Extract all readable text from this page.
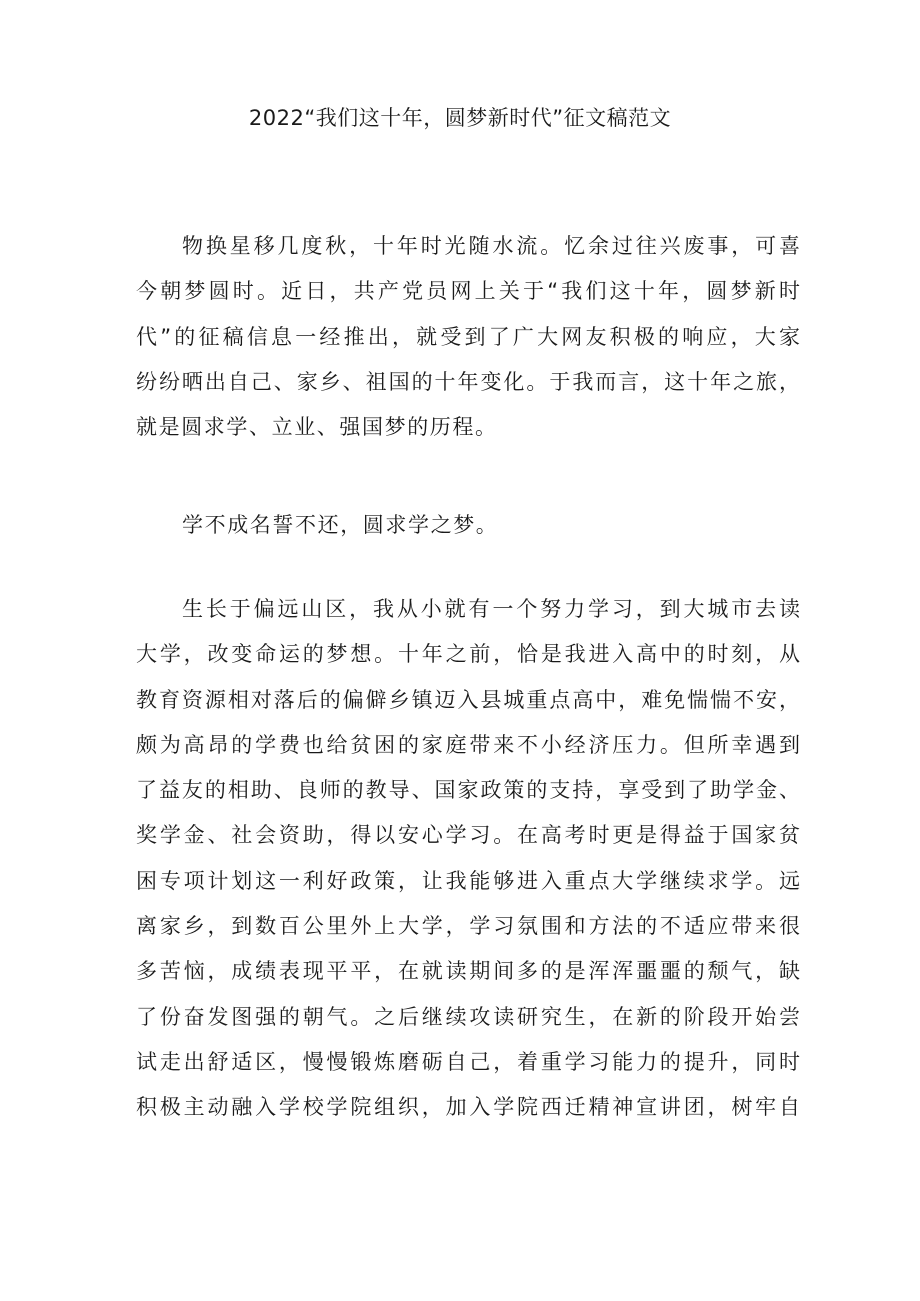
2022“我们这十年，圆梦新时代”征文稿范文
物换星移几度秋，十年时光随水流。忆余过往兴废事，可喜
今朝梦圆时。近日，共产党员网上关于“我们这十年，圆梦新时
代”的征稿信息一经推出，就受到了广大网友积极的响应，大家
纷纷晒出自己、家乡、祖国的十年变化。于我而言，这十年之旅，
就是圆求学、立业、强国梦的历程。
学不成名誓不还，圆求学之梦。
生长于偏远山区，我从小就有一个努力学习，到大城市去读
大学，改变命运的梦想。十年之前，恰是我进入高中的时刻，从
教育资源相对落后的偏僻乡镇迈入县城重点高中，难免惴惴不安，
颇为高昂的学费也给贫困的家庭带来不小经济压力。但所幸遇到
了益友的相助、良师的教导、国家政策的支持，享受到了助学金、
奖学金、社会资助，得以安心学习。在高考时更是得益于国家贫
困专项计划这一利好政策，让我能够进入重点大学继续求学。远
离家乡，到数百公里外上大学，学习氛围和方法的不适应带来很
多苦恼，成绩表现平平，在就读期间多的是浑浑噩噩的颓气，缺
了份奋发图强的朝气。之后继续攻读研究生，在新的阶段开始尝
试走出舒适区，慢慢锻炼磨砺自己，着重学习能力的提升，同时
积极主动融入学校学院组织，加入学院西迁精神宣讲团，树牢自
